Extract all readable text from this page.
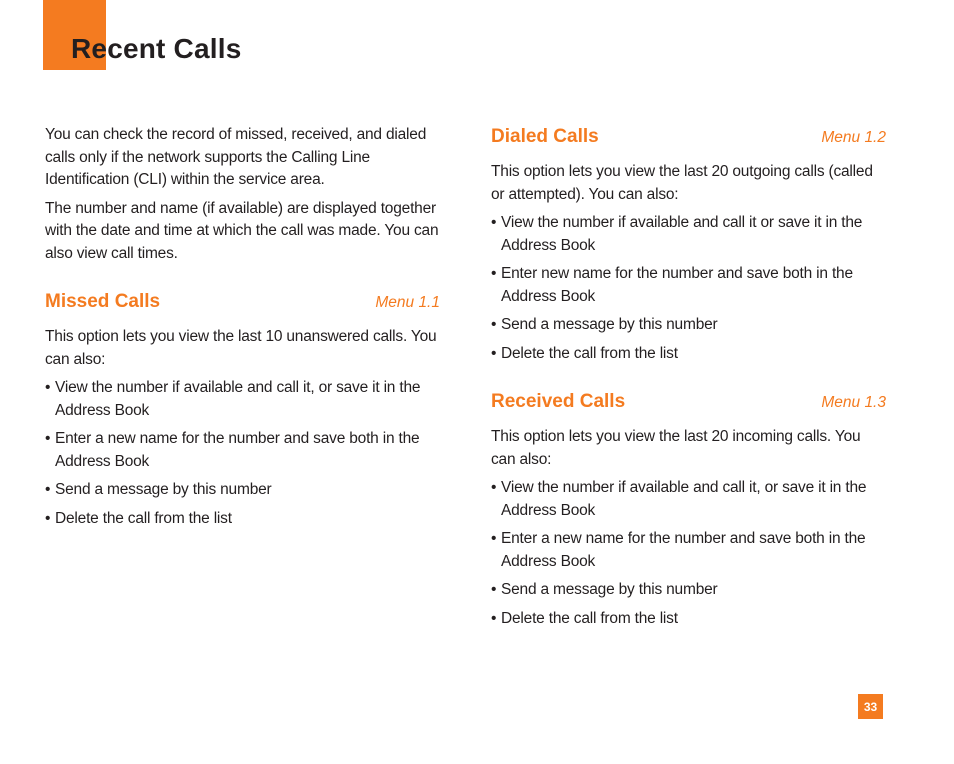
Recent Calls

You can check the record of missed, received, and dialed calls only if the network supports the Calling Line Identification (CLI) within the service area.

The number and name (if available) are displayed together with the date and time at which the call was made. You can also view call times.

Missed Calls	Menu 1.1

This option lets you view the last 10 unanswered calls. You can also:

• View the number if available and call it, or save it in the Address Book
• Enter a new name for the number and save both in the Address Book
• Send a message by this number
• Delete the call from the list
Dialed Calls	Menu 1.2

This option lets you view the last 20 outgoing calls (called or attempted). You can also:

• View the number if available and call it or save it in the Address Book
• Enter new name for the number and save both in the Address Book
• Send a message by this number
• Delete the call from the list
Received Calls	Menu 1.3

This option lets you view the last 20 incoming calls. You can also:

• View the number if available and call it, or save it in the Address Book
• Enter a new name for the number and save both in the Address Book
• Send a message by this number
• Delete the call from the list
33
